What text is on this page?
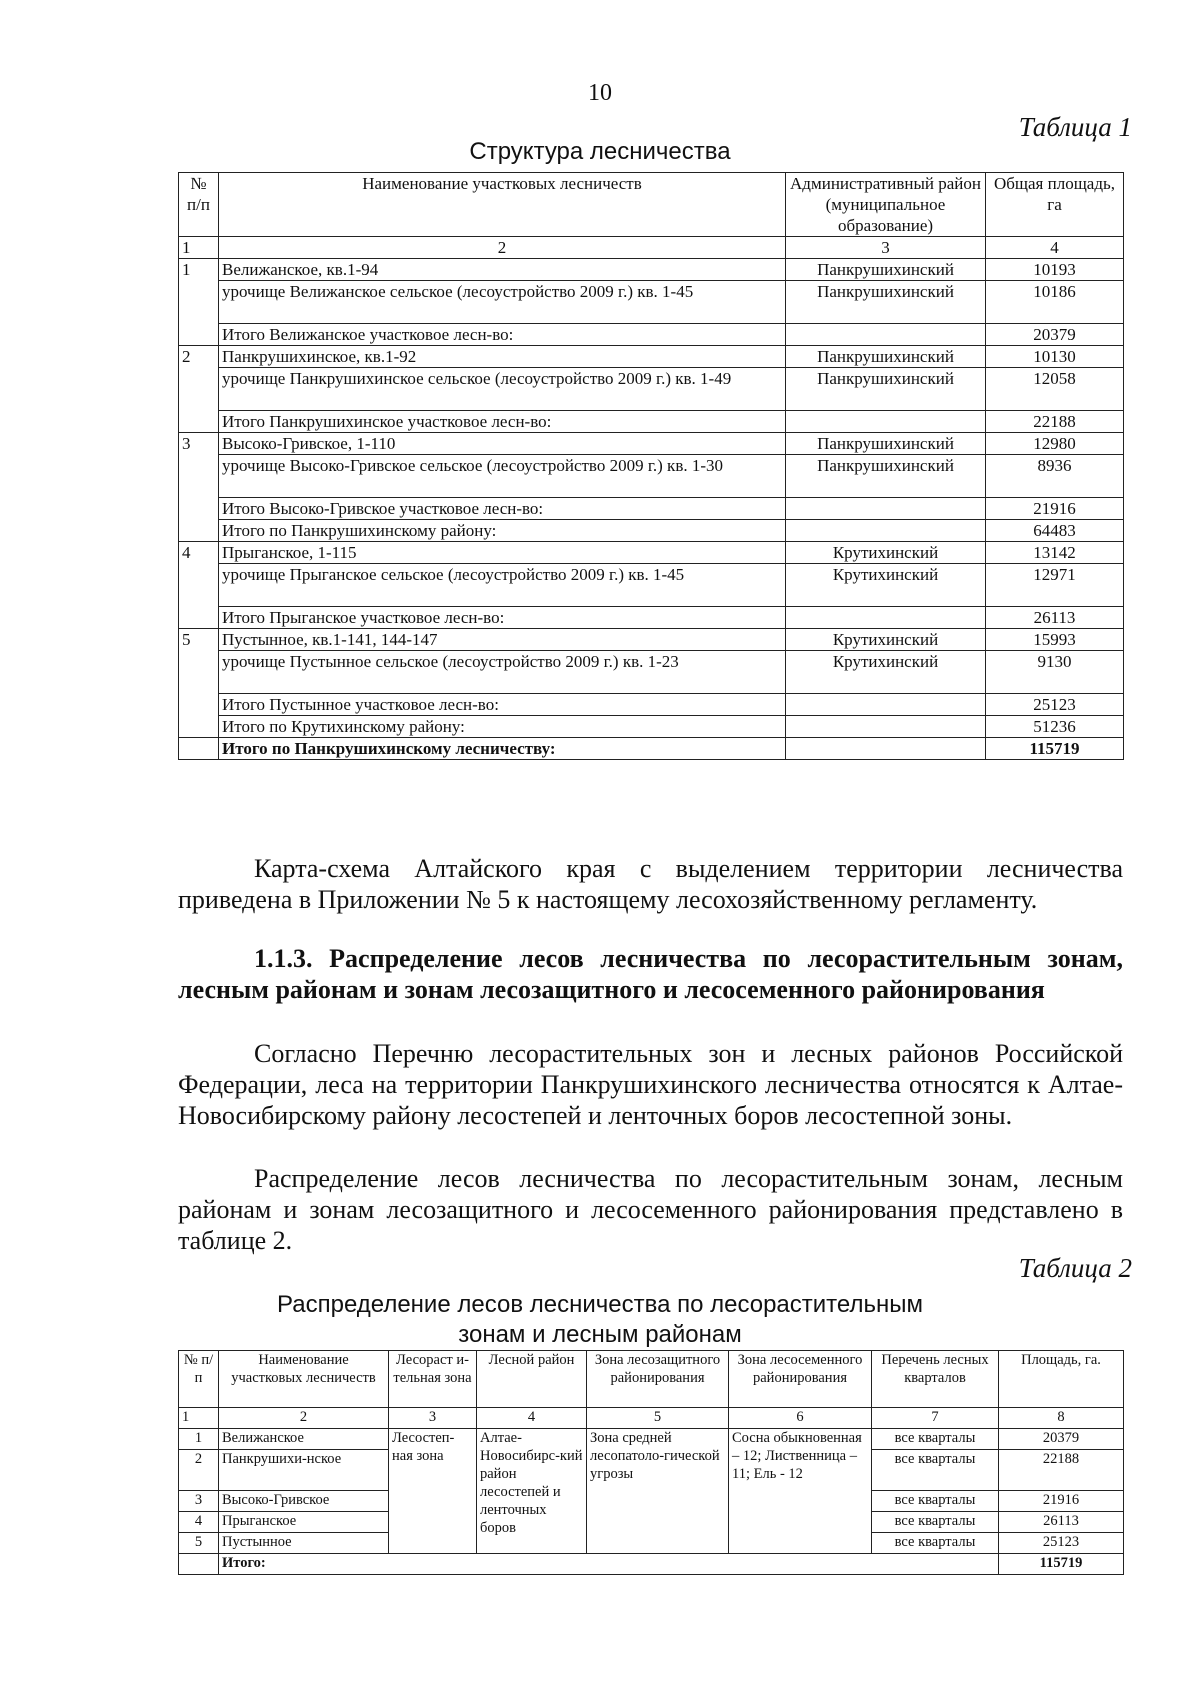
10
Таблица 1
Структура лесничества
№ п/п	Наименование участковых лесничеств	Административный район (муниципальное образование)	Общая площадь, га
1	2	3	4
1	Велижанское, кв.1-94	Панкрушихинский	10193
	урочище Велижанское сельское (лесоустройство 2009 г.) кв. 1-45	Панкрушихинский	10186
	Итого Велижанское участковое лесн-во:		20379
2	Панкрушихинское, кв.1-92	Панкрушихинский	10130
	урочище Панкрушихинское сельское (лесоустройство 2009 г.) кв. 1-49	Панкрушихинский	12058
	Итого Панкрушихинское участковое лесн-во:		22188
3	Высоко-Гривское, 1-110	Панкрушихинский	12980
	урочище Высоко-Гривское сельское (лесоустройство 2009 г.) кв. 1-30	Панкрушихинский	8936
	Итого Высоко-Гривское участковое лесн-во:		21916
	Итого по Панкрушихинскому району:		64483
4	Прыганское, 1-115	Крутихинский	13142
	урочище Прыганское сельское (лесоустройство 2009 г.) кв. 1-45	Крутихинский	12971
	Итого Прыганское участковое лесн-во:		26113
5	Пустынное, кв.1-141, 144-147	Крутихинский	15993
	урочище Пустынное сельское (лесоустройство 2009 г.) кв. 1-23	Крутихинский	9130
	Итого Пустынное участковое лесн-во:		25123
	Итого по Крутихинскому району:		51236
	Итого по Панкрушихинскому лесничеству:		115719
Карта-схема Алтайского края с выделением территории лесничества приведена в Приложении № 5 к настоящему лесохозяйственному регламенту.
1.1.3. Распределение лесов лесничества по лесорастительным зонам, лесным районам и зонам лесозащитного и лесосеменного районирования
Согласно Перечню лесорастительных зон и лесных районов Российской Федерации, леса на территории Панкрушихинского лесничества относятся к Алтае-Новосибирскому району лесостепей и ленточных боров лесостепной зоны.
Распределение лесов лесничества по лесорастительным зонам, лесным районам и зонам лесозащитного и лесосеменного районирования представлено в таблице 2.
Таблица 2
Распределение лесов лесничества по лесорастительным зонам и лесным районам
№ п/п	Наименование участковых лесничеств	Лесораст и-тельная зона	Лесной район	Зона лесозащитного районирования	Зона лесосеменного районирования	Перечень лесных кварталов	Площадь, га.
1	2	3	4	5	6	7	8
1	Велижанское	Лесостеп-ная зона	Алтае-Новосибирс-кий район лесостепей и ленточных боров	Зона средней лесопатоло-гической угрозы	Сосна обыкновенная – 12; Лиственница – 11; Ель - 12	все кварталы	20379
2	Панкрушихи-нское					все кварталы	22188
3	Высоко-Гривское					все кварталы	21916
4	Прыганское					все кварталы	26113
5	Пустынное					все кварталы	25123
	Итого:						115719
